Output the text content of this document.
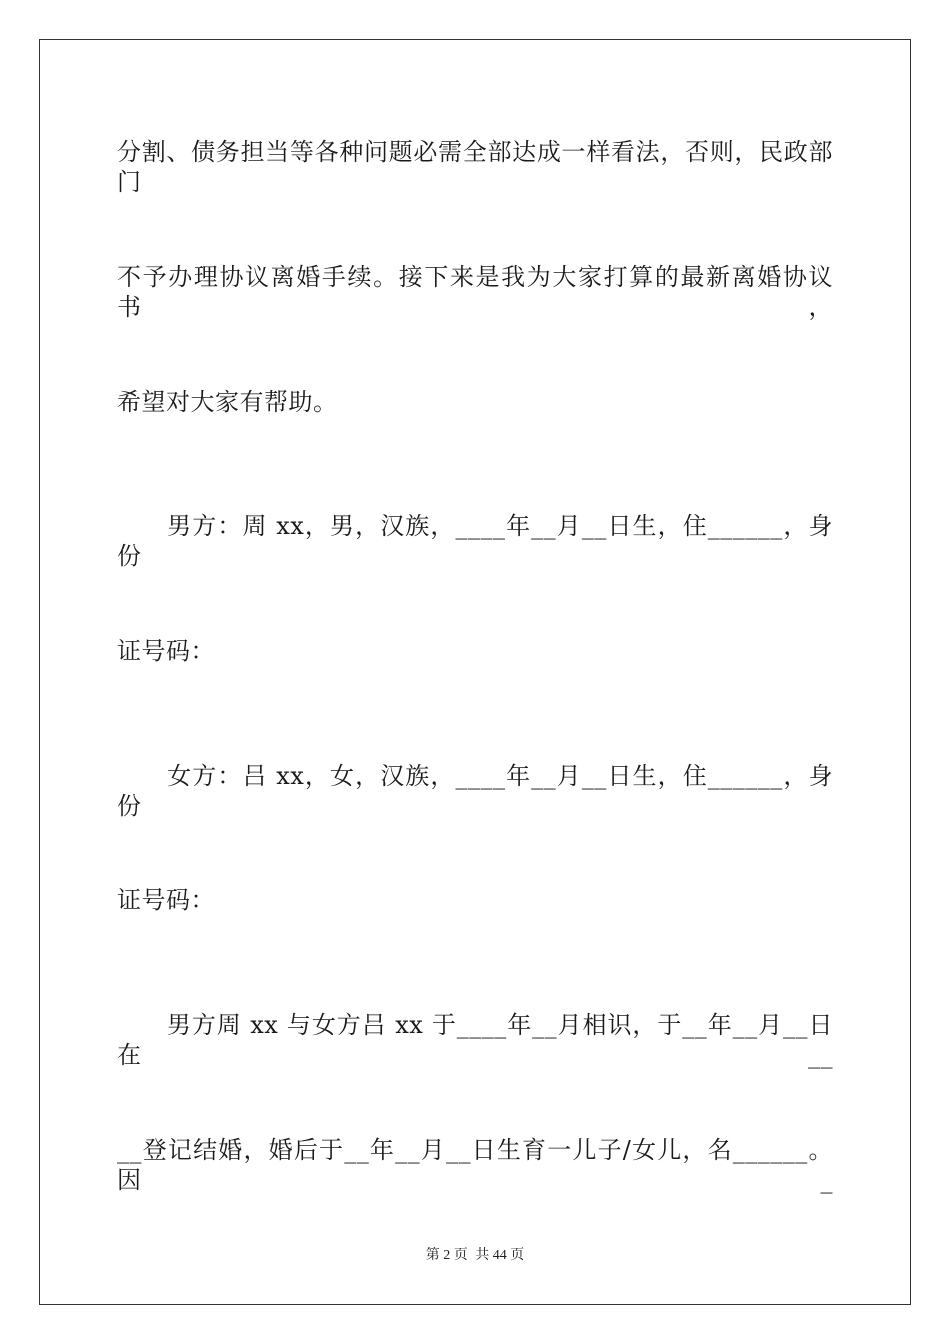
分割、债务担当等各种问题必需全部达成一样看法，否则，民政部门
不予办理协议离婚手续。接下来是我为大家打算的最新离婚协议书，
希望对大家有帮助。
　　男方：周 xx，男，汉族，____年__月__日生，住______，身份
证号码：
　　女方：吕 xx，女，汉族，____年__月__日生，住______，身份
证号码：
　　男方周 xx 与女方吕 xx 于____年__月相识，于__年__月__日在__
__登记结婚，婚后于__年__月__日生育一儿子/女儿，名______。因_
第 2 页 共 44 页
